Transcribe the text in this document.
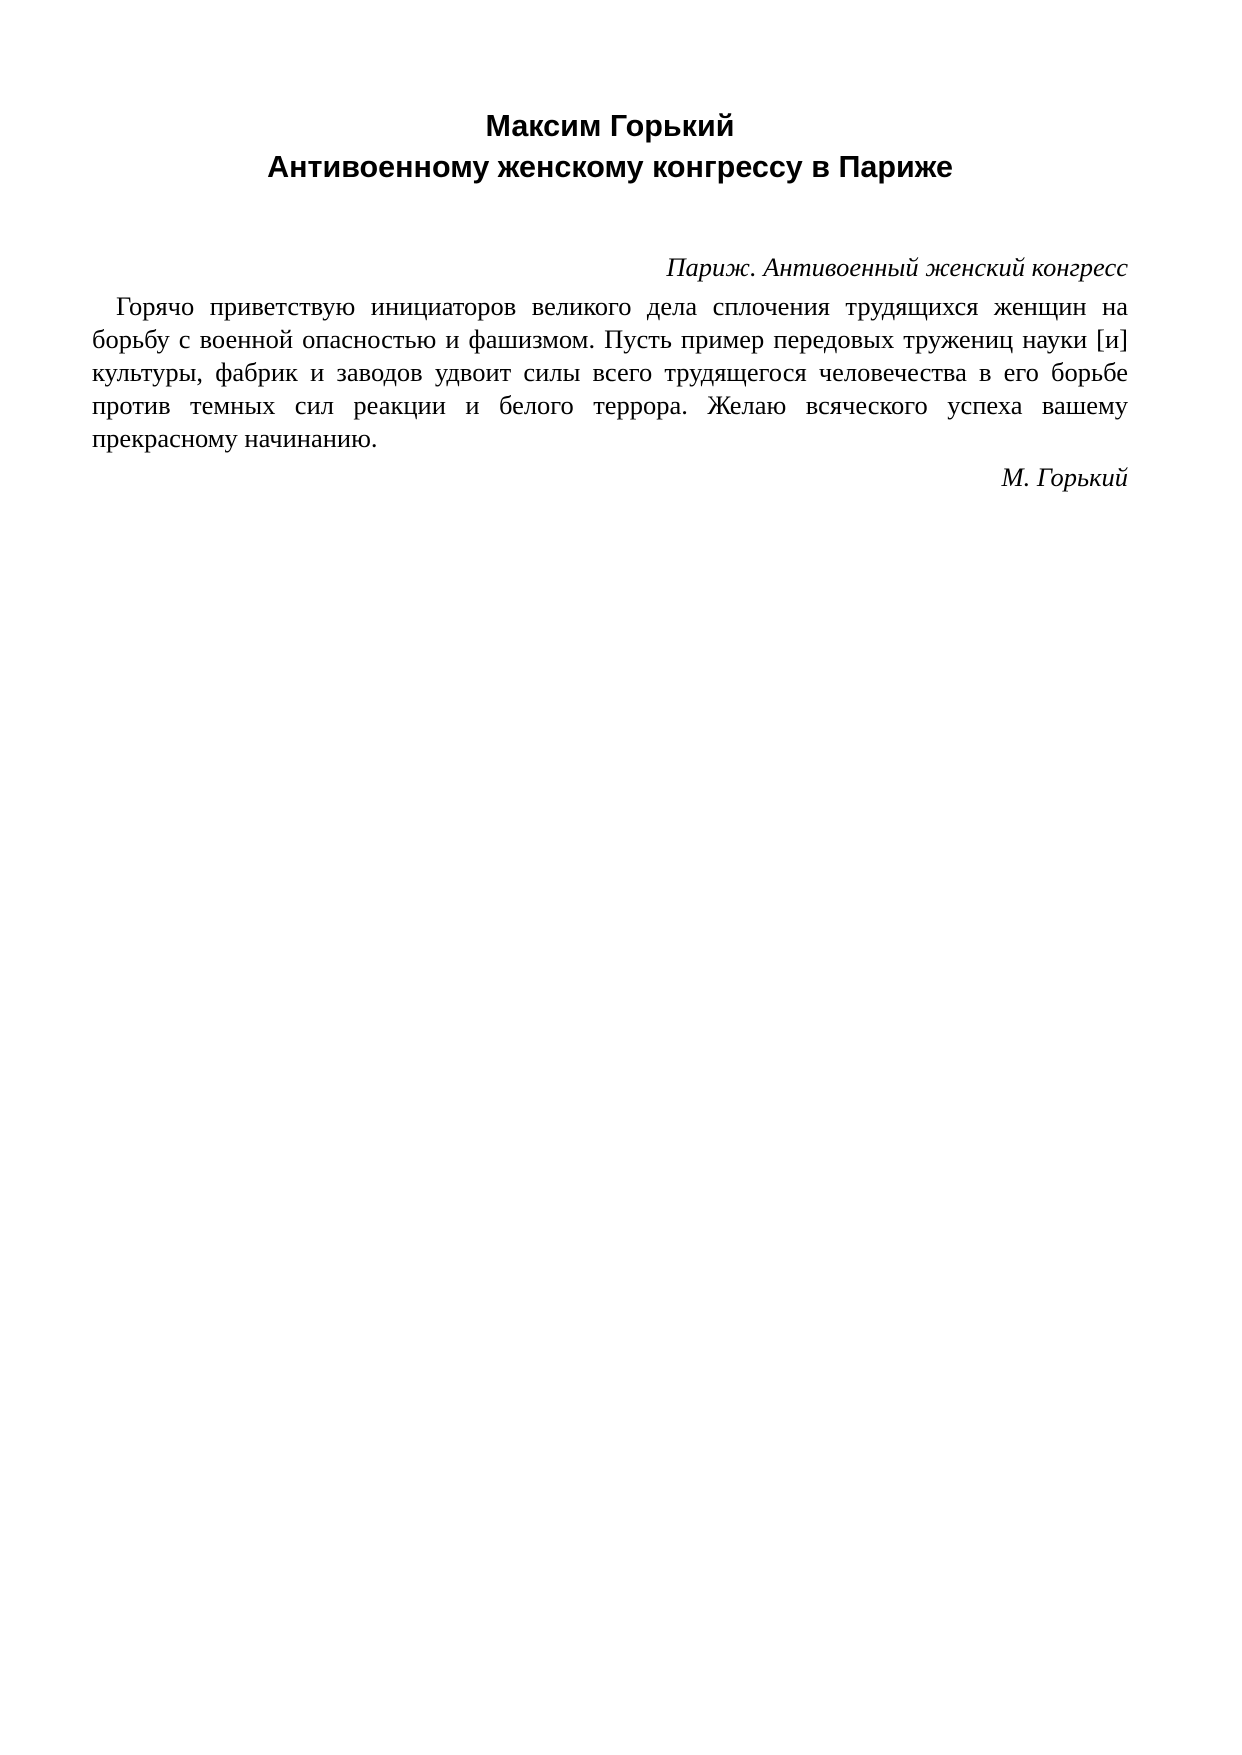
Максим Горький
Антивоенному женскому конгрессу в Париже

Париж. Антивоенный женский конгресс

Горячо приветствую инициаторов великого дела сплочения трудящихся женщин на борьбу с военной опасностью и фашизмом. Пусть пример передовых тружениц науки [и] культуры, фабрик и заводов удвоит силы всего трудящегося человечества в его борьбе против темных сил реакции и белого террора. Желаю всяческого успеха вашему прекрасному начинанию.

М. Горький
